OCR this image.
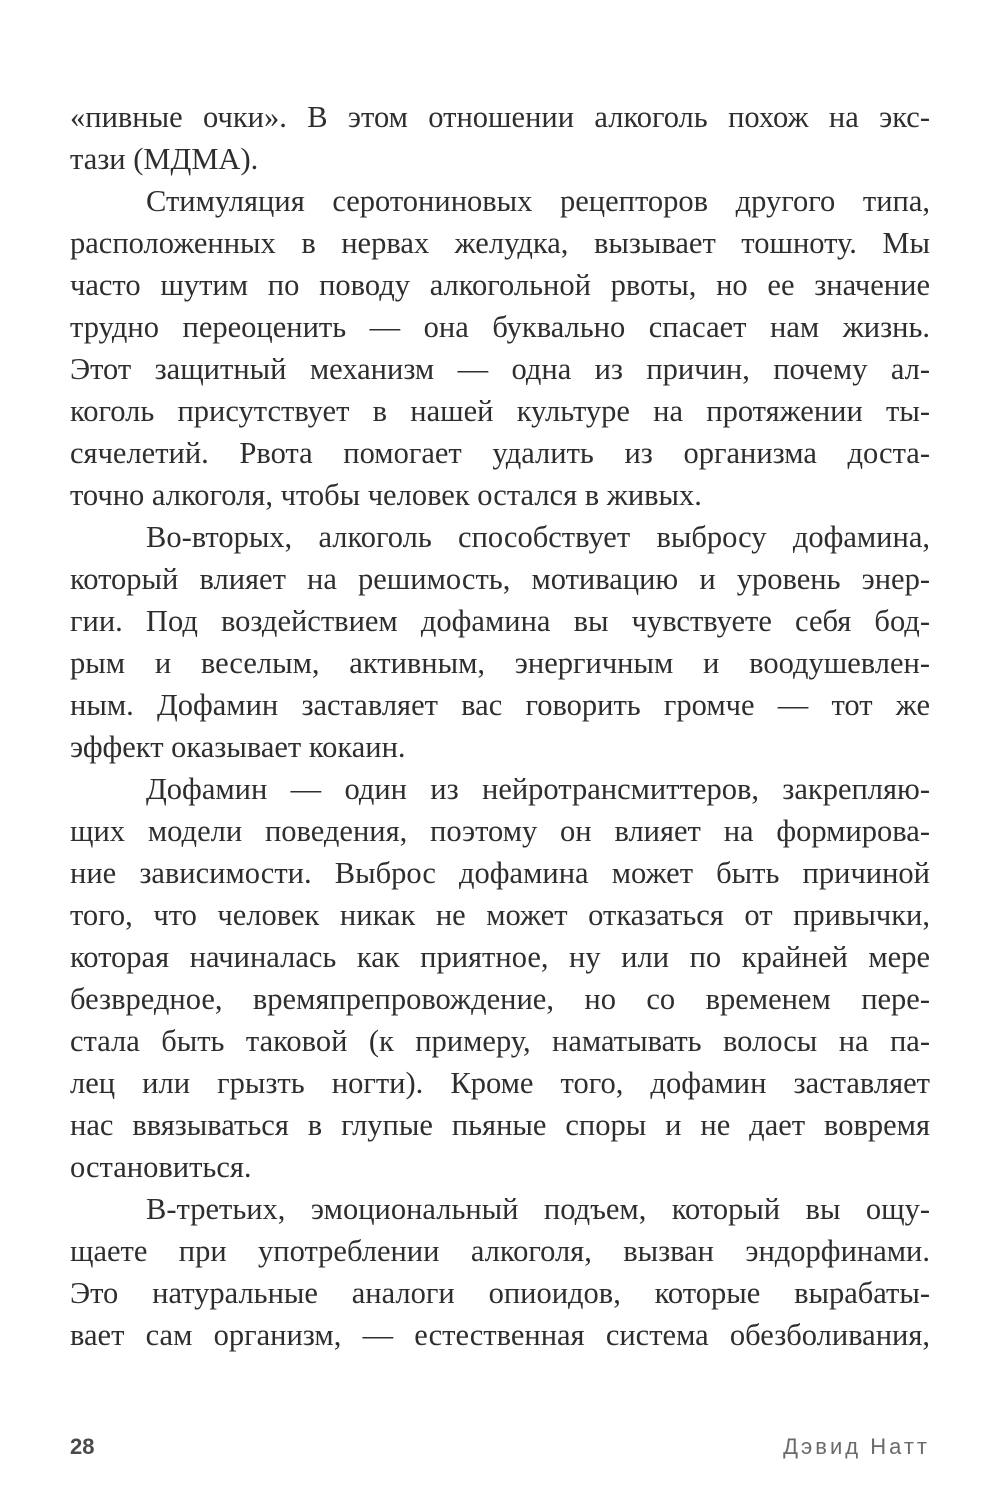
«пивные очки». В этом отношении алкоголь похож на экс-
тази (МДМА).
Стимуляция серотониновых рецепторов другого типа,
расположенных в нервах желудка, вызывает тошноту. Мы
часто шутим по поводу алкогольной рвоты, но ее значение
трудно переоценить — она буквально спасает нам жизнь.
Этот защитный механизм — одна из причин, почему ал-
коголь присутствует в нашей культуре на протяжении ты-
сячелетий. Рвота помогает удалить из организма доста-
точно алкоголя, чтобы человек остался в живых.
Во-вторых, алкоголь способствует выбросу дофамина,
который влияет на решимость, мотивацию и уровень энер-
гии. Под воздействием дофамина вы чувствуете себя бод-
рым и веселым, активным, энергичным и воодушевлен-
ным. Дофамин заставляет вас говорить громче — тот же
эффект оказывает кокаин.
Дофамин — один из нейротрансмиттеров, закрепляю-
щих модели поведения, поэтому он влияет на формирова-
ние зависимости. Выброс дофамина может быть причиной
того, что человек никак не может отказаться от привычки,
которая начиналась как приятное, ну или по крайней мере
безвредное, времяпрепровождение, но со временем пере-
стала быть таковой (к примеру, наматывать волосы на па-
лец или грызть ногти). Кроме того, дофамин заставляет
нас ввязываться в глупые пьяные споры и не дает вовремя
остановиться.
В-третьих, эмоциональный подъем, который вы ощу-
щаете при употреблении алкоголя, вызван эндорфинами.
Это натуральные аналоги опиоидов, которые вырабаты-
вает сам организм, — естественная система обезболивания,
28	Дэвид Натт
